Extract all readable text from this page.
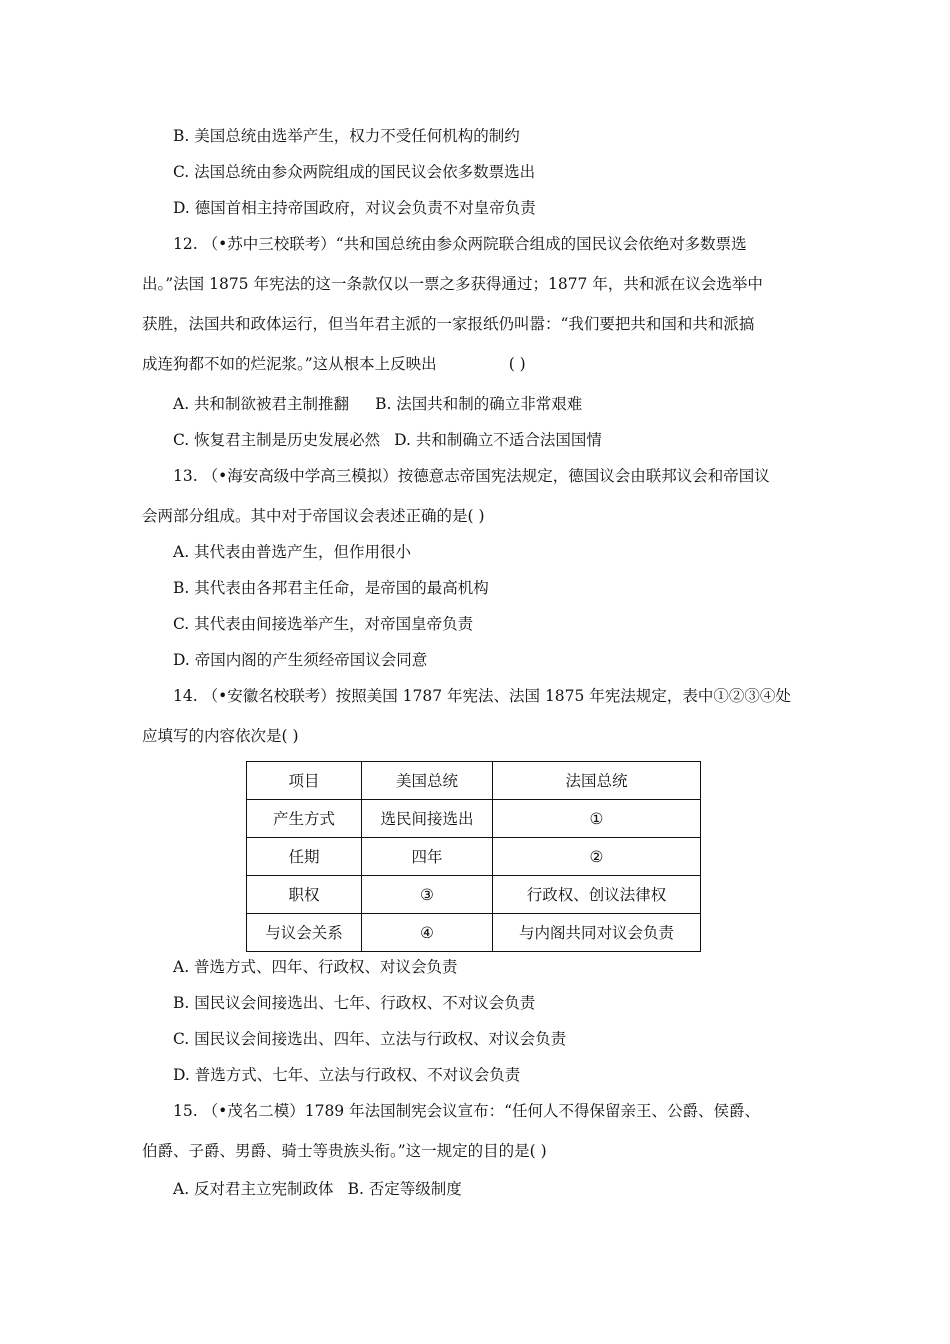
B. 美国总统由选举产生，权力不受任何机构的制约
C. 法国总统由参众两院组成的国民议会依多数票选出
D. 德国首相主持帝国政府，对议会负责不对皇帝负责
12. （•苏中三校联考）“共和国总统由参众两院联合组成的国民议会依绝对多数票选
出。”法国 1875 年宪法的这一条款仅以一票之多获得通过；1877 年，共和派在议会选举中
获胜，法国共和政体运行，但当年君主派的一家报纸仍叫嚣：“我们要把共和国和共和派搞
成连狗都不如的烂泥浆。”这从根本上反映出	( )
A. 共和制欲被君主制推翻 B. 法国共和制的确立非常艰难
C. 恢复君主制是历史发展必然 D. 共和制确立不适合法国国情
13. （•海安高级中学高三模拟）按德意志帝国宪法规定，德国议会由联邦议会和帝国议
会两部分组成。其中对于帝国议会表述正确的是( )
A. 其代表由普选产生，但作用很小
B. 其代表由各邦君主任命，是帝国的最高机构
C. 其代表由间接选举产生，对帝国皇帝负责
D. 帝国内阁的产生须经帝国议会同意
14. （•安徽名校联考）按照美国 1787 年宪法、法国 1875 年宪法规定，表中①②③④处
应填写的内容依次是( )
项目	美国总统	法国总统
产生方式	选民间接选出	①
任期	四年	②
职权	③	行政权、创议法律权
与议会关系	④	与内阁共同对议会负责
A. 普选方式、四年、行政权、对议会负责
B. 国民议会间接选出、七年、行政权、不对议会负责
C. 国民议会间接选出、四年、立法与行政权、对议会负责
D. 普选方式、七年、立法与行政权、不对议会负责
15. （•茂名二模）1789 年法国制宪会议宣布：“任何人不得保留亲王、公爵、侯爵、
伯爵、子爵、男爵、骑士等贵族头衔。”这一规定的目的是( )
A. 反对君主立宪制政体 B. 否定等级制度
